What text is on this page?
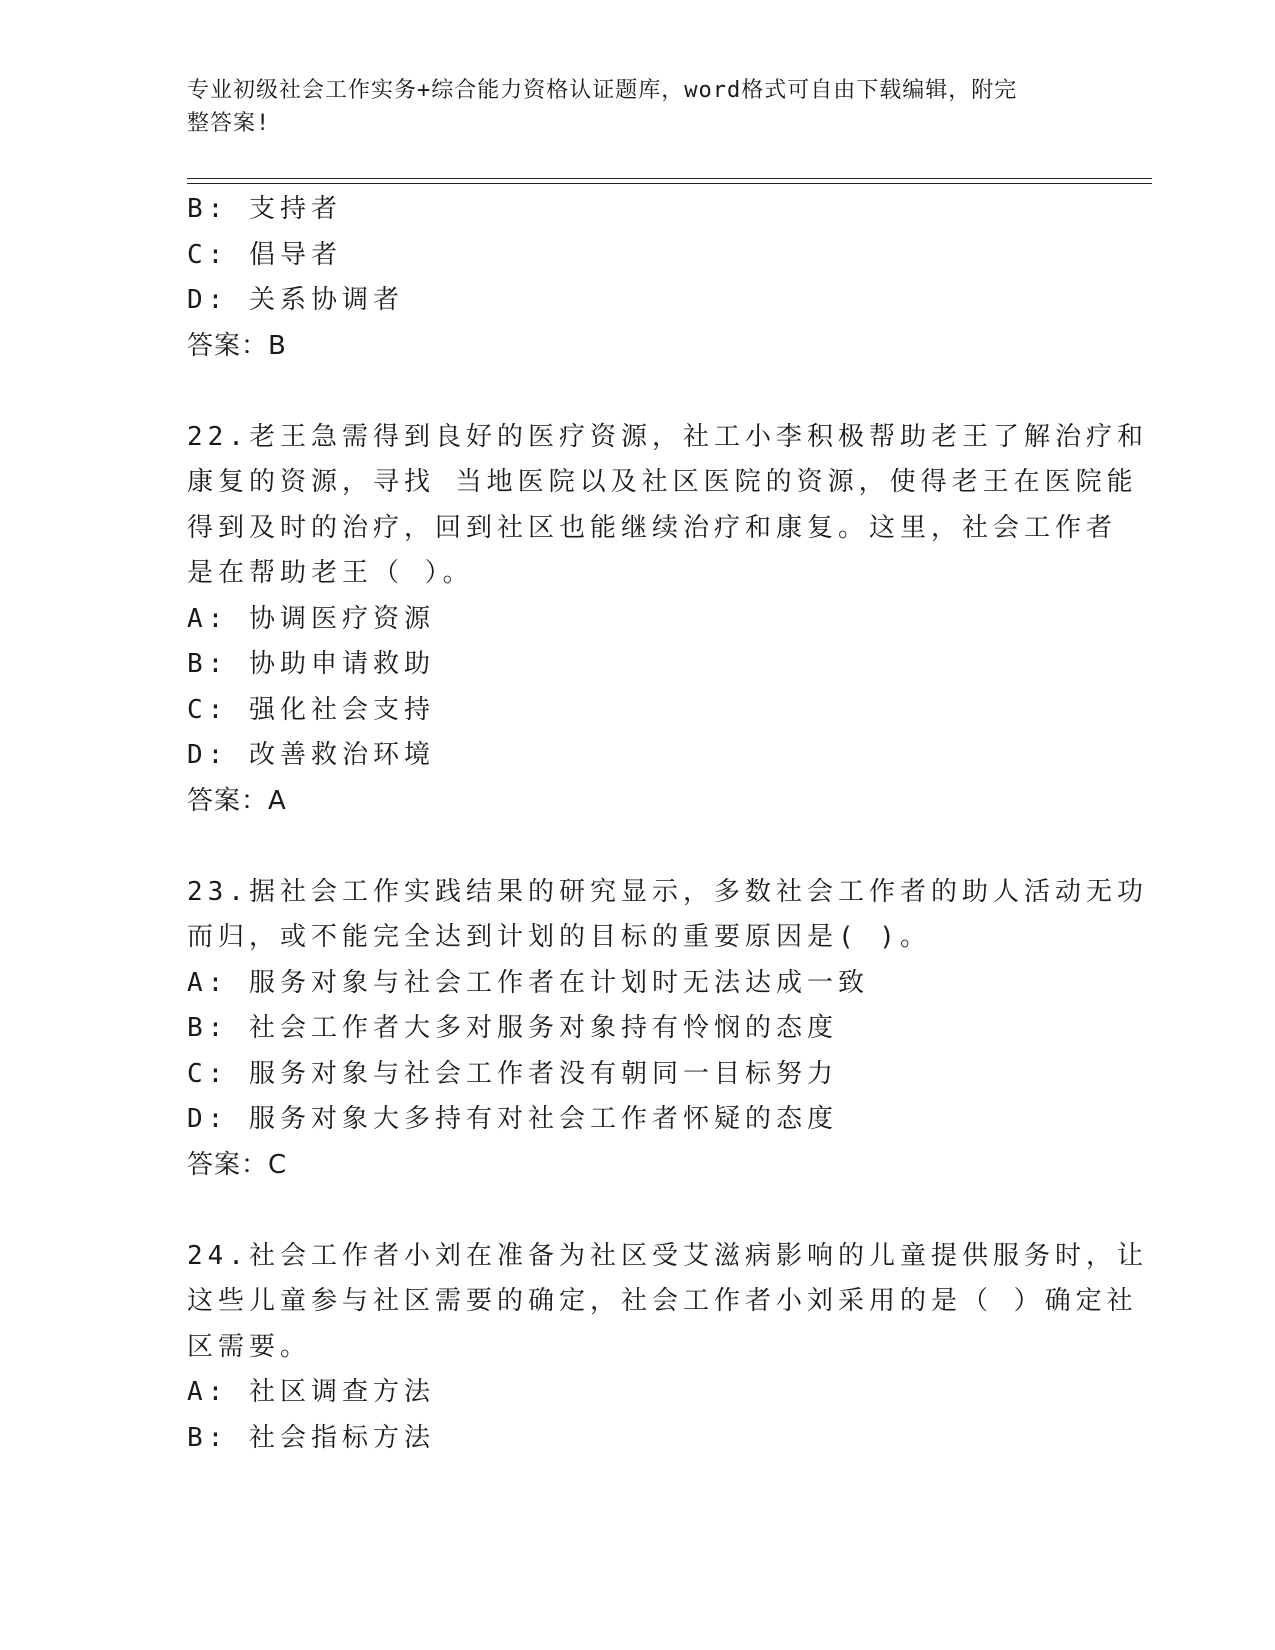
专业初级社会工作实务+综合能力资格认证题库，word格式可自由下载编辑，附完
整答案!
B: 支持者
C: 倡导者
D: 关系协调者
答案：B
22.老王急需得到良好的医疗资源，社工小李积极帮助老王了解治疗和
康复的资源，寻找 当地医院以及社区医院的资源，使得老王在医院能
得到及时的治疗，回到社区也能继续治疗和康复。这里，社会工作者
是在帮助老王（ ）。
A: 协调医疗资源
B: 协助申请救助
C: 强化社会支持
D: 改善救治环境
答案：A
23.据社会工作实践结果的研究显示，多数社会工作者的助人活动无功
而归，或不能完全达到计划的目标的重要原因是( )。
A: 服务对象与社会工作者在计划时无法达成一致
B: 社会工作者大多对服务对象持有怜悯的态度
C: 服务对象与社会工作者没有朝同一目标努力
D: 服务对象大多持有对社会工作者怀疑的态度
答案：C
24.社会工作者小刘在准备为社区受艾滋病影响的儿童提供服务时，让
这些儿童参与社区需要的确定，社会工作者小刘采用的是（ ）确定社
区需要。
A: 社区调查方法
B: 社会指标方法
